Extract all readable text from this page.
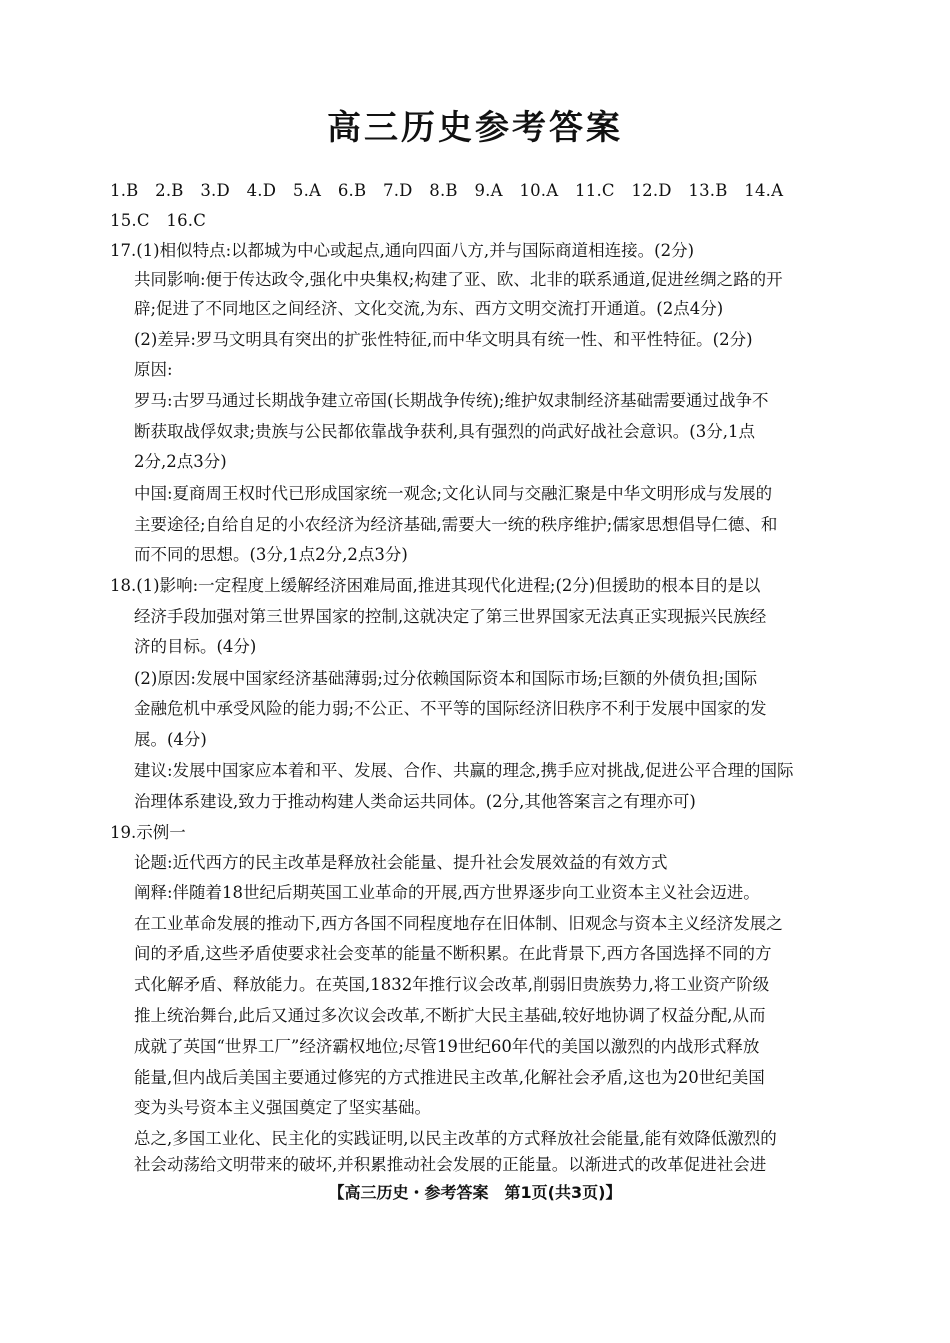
高三历史参考答案
1.B　2.B　3.D　4.D　5.A　6.B　7.D　8.B　9.A　10.A　11.C　12.D　13.B　14.A
15.C　16.C
17.(1)相似特点:以都城为中心或起点,通向四面八方,并与国际商道相连接。(2分)
共同影响:便于传达政令,强化中央集权;构建了亚、欧、北非的联系通道,促进丝绸之路的开
辟;促进了不同地区之间经济、文化交流,为东、西方文明交流打开通道。(2点4分)
(2)差异:罗马文明具有突出的扩张性特征,而中华文明具有统一性、和平性特征。(2分)
原因:
罗马:古罗马通过长期战争建立帝国(长期战争传统);维护奴隶制经济基础需要通过战争不
断获取战俘奴隶;贵族与公民都依靠战争获利,具有强烈的尚武好战社会意识。(3分,1点
2分,2点3分)
中国:夏商周王权时代已形成国家统一观念;文化认同与交融汇聚是中华文明形成与发展的
主要途径;自给自足的小农经济为经济基础,需要大一统的秩序维护;儒家思想倡导仁德、和
而不同的思想。(3分,1点2分,2点3分)
18.(1)影响:一定程度上缓解经济困难局面,推进其现代化进程;(2分)但援助的根本目的是以
经济手段加强对第三世界国家的控制,这就决定了第三世界国家无法真正实现振兴民族经
济的目标。(4分)
(2)原因:发展中国家经济基础薄弱;过分依赖国际资本和国际市场;巨额的外债负担;国际
金融危机中承受风险的能力弱;不公正、不平等的国际经济旧秩序不利于发展中国家的发
展。(4分)
建议:发展中国家应本着和平、发展、合作、共赢的理念,携手应对挑战,促进公平合理的国际
治理体系建设,致力于推动构建人类命运共同体。(2分,其他答案言之有理亦可)
19.示例一
论题:近代西方的民主改革是释放社会能量、提升社会发展效益的有效方式
阐释:伴随着18世纪后期英国工业革命的开展,西方世界逐步向工业资本主义社会迈进。
在工业革命发展的推动下,西方各国不同程度地存在旧体制、旧观念与资本主义经济发展之
间的矛盾,这些矛盾使要求社会变革的能量不断积累。在此背景下,西方各国选择不同的方
式化解矛盾、释放能力。在英国,1832年推行议会改革,削弱旧贵族势力,将工业资产阶级
推上统治舞台,此后又通过多次议会改革,不断扩大民主基础,较好地协调了权益分配,从而
成就了英国“世界工厂”经济霸权地位;尽管19世纪60年代的美国以激烈的内战形式释放
能量,但内战后美国主要通过修宪的方式推进民主改革,化解社会矛盾,这也为20世纪美国
变为头号资本主义强国奠定了坚实基础。
总之,多国工业化、民主化的实践证明,以民主改革的方式释放社会能量,能有效降低激烈的
社会动荡给文明带来的破坏,并积累推动社会发展的正能量。以渐进式的改革促进社会进
【高三历史・参考答案　第1页(共3页)】
